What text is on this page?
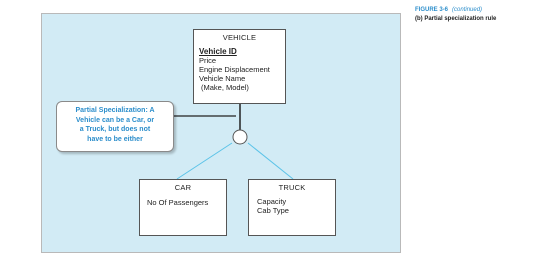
VEHICLE
Vehicle ID
Price
Engine Displacement
Vehicle Name
(Make, Model)
CAR
No Of Passengers
TRUCK
Capacity
Cab Type
Partial Specialization: A
Vehicle can be a Car, or
a Truck, but does not
have to be either
FIGURE 3-6 (continued)
(b) Partial specialization rule
